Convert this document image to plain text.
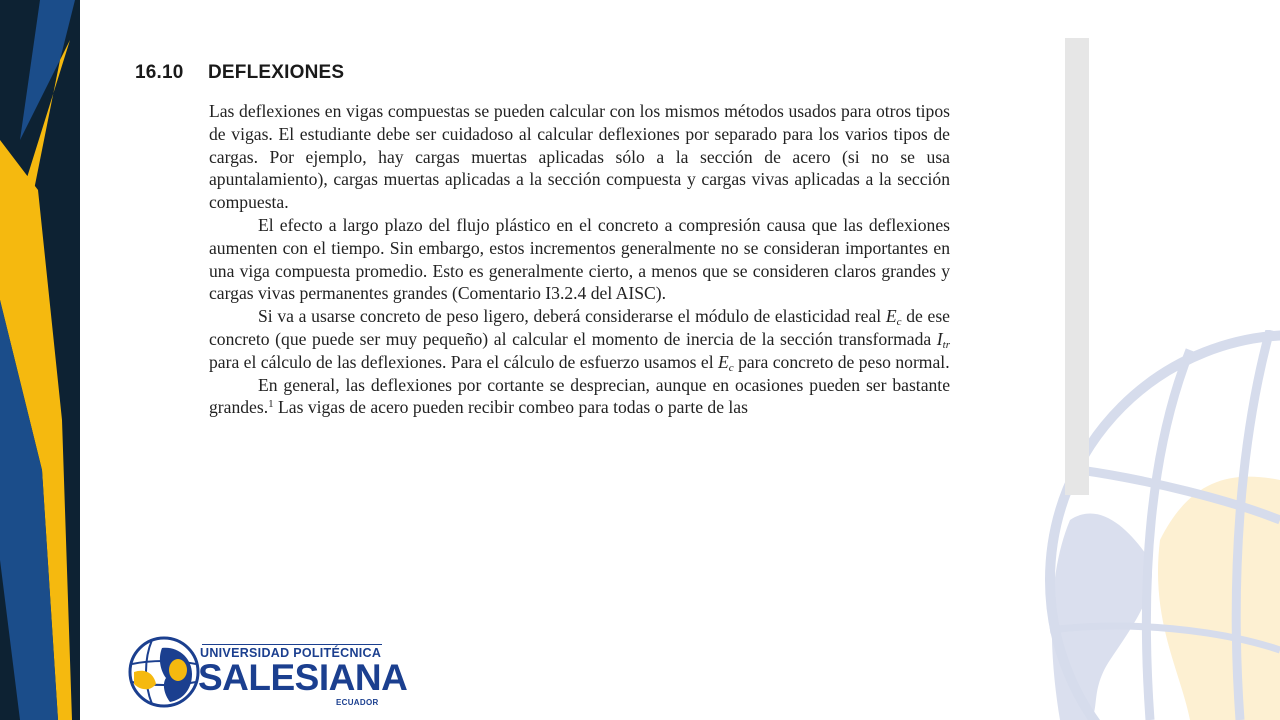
16.10 DEFLEXIONES

Las deflexiones en vigas compuestas se pueden calcular con los mismos métodos usados para otros tipos de vigas. El estudiante debe ser cuidadoso al calcular deflexiones por separado para los varios tipos de cargas. Por ejemplo, hay cargas muertas aplicadas sólo a la sección de acero (si no se usa apuntalamiento), cargas muertas aplicadas a la sección compuesta y cargas vivas aplicadas a la sección compuesta.

El efecto a largo plazo del flujo plástico en el concreto a compresión causa que las deflexiones aumenten con el tiempo. Sin embargo, estos incrementos generalmente no se consideran importantes en una viga compuesta promedio. Esto es generalmente cierto, a menos que se consideren claros grandes y cargas vivas permanentes grandes (Comentario I3.2.4 del AISC).

Si va a usarse concreto de peso ligero, deberá considerarse el módulo de elasticidad real $E_c$ de ese concreto (que puede ser muy pequeño) al calcular el momento de inercia de la sección transformada $I_{tr}$ para el cálculo de las deflexiones. Para el cálculo de esfuerzo usamos el $E_c$ para concreto de peso normal.

En general, las deflexiones por cortante se desprecian, aunque en ocasiones pueden ser bastante grandes.$^1$ Las vigas de acero pueden recibir combeo para todas o parte de las

UNIVERSIDAD POLITÉCNICA
SALESIANA
ECUADOR
